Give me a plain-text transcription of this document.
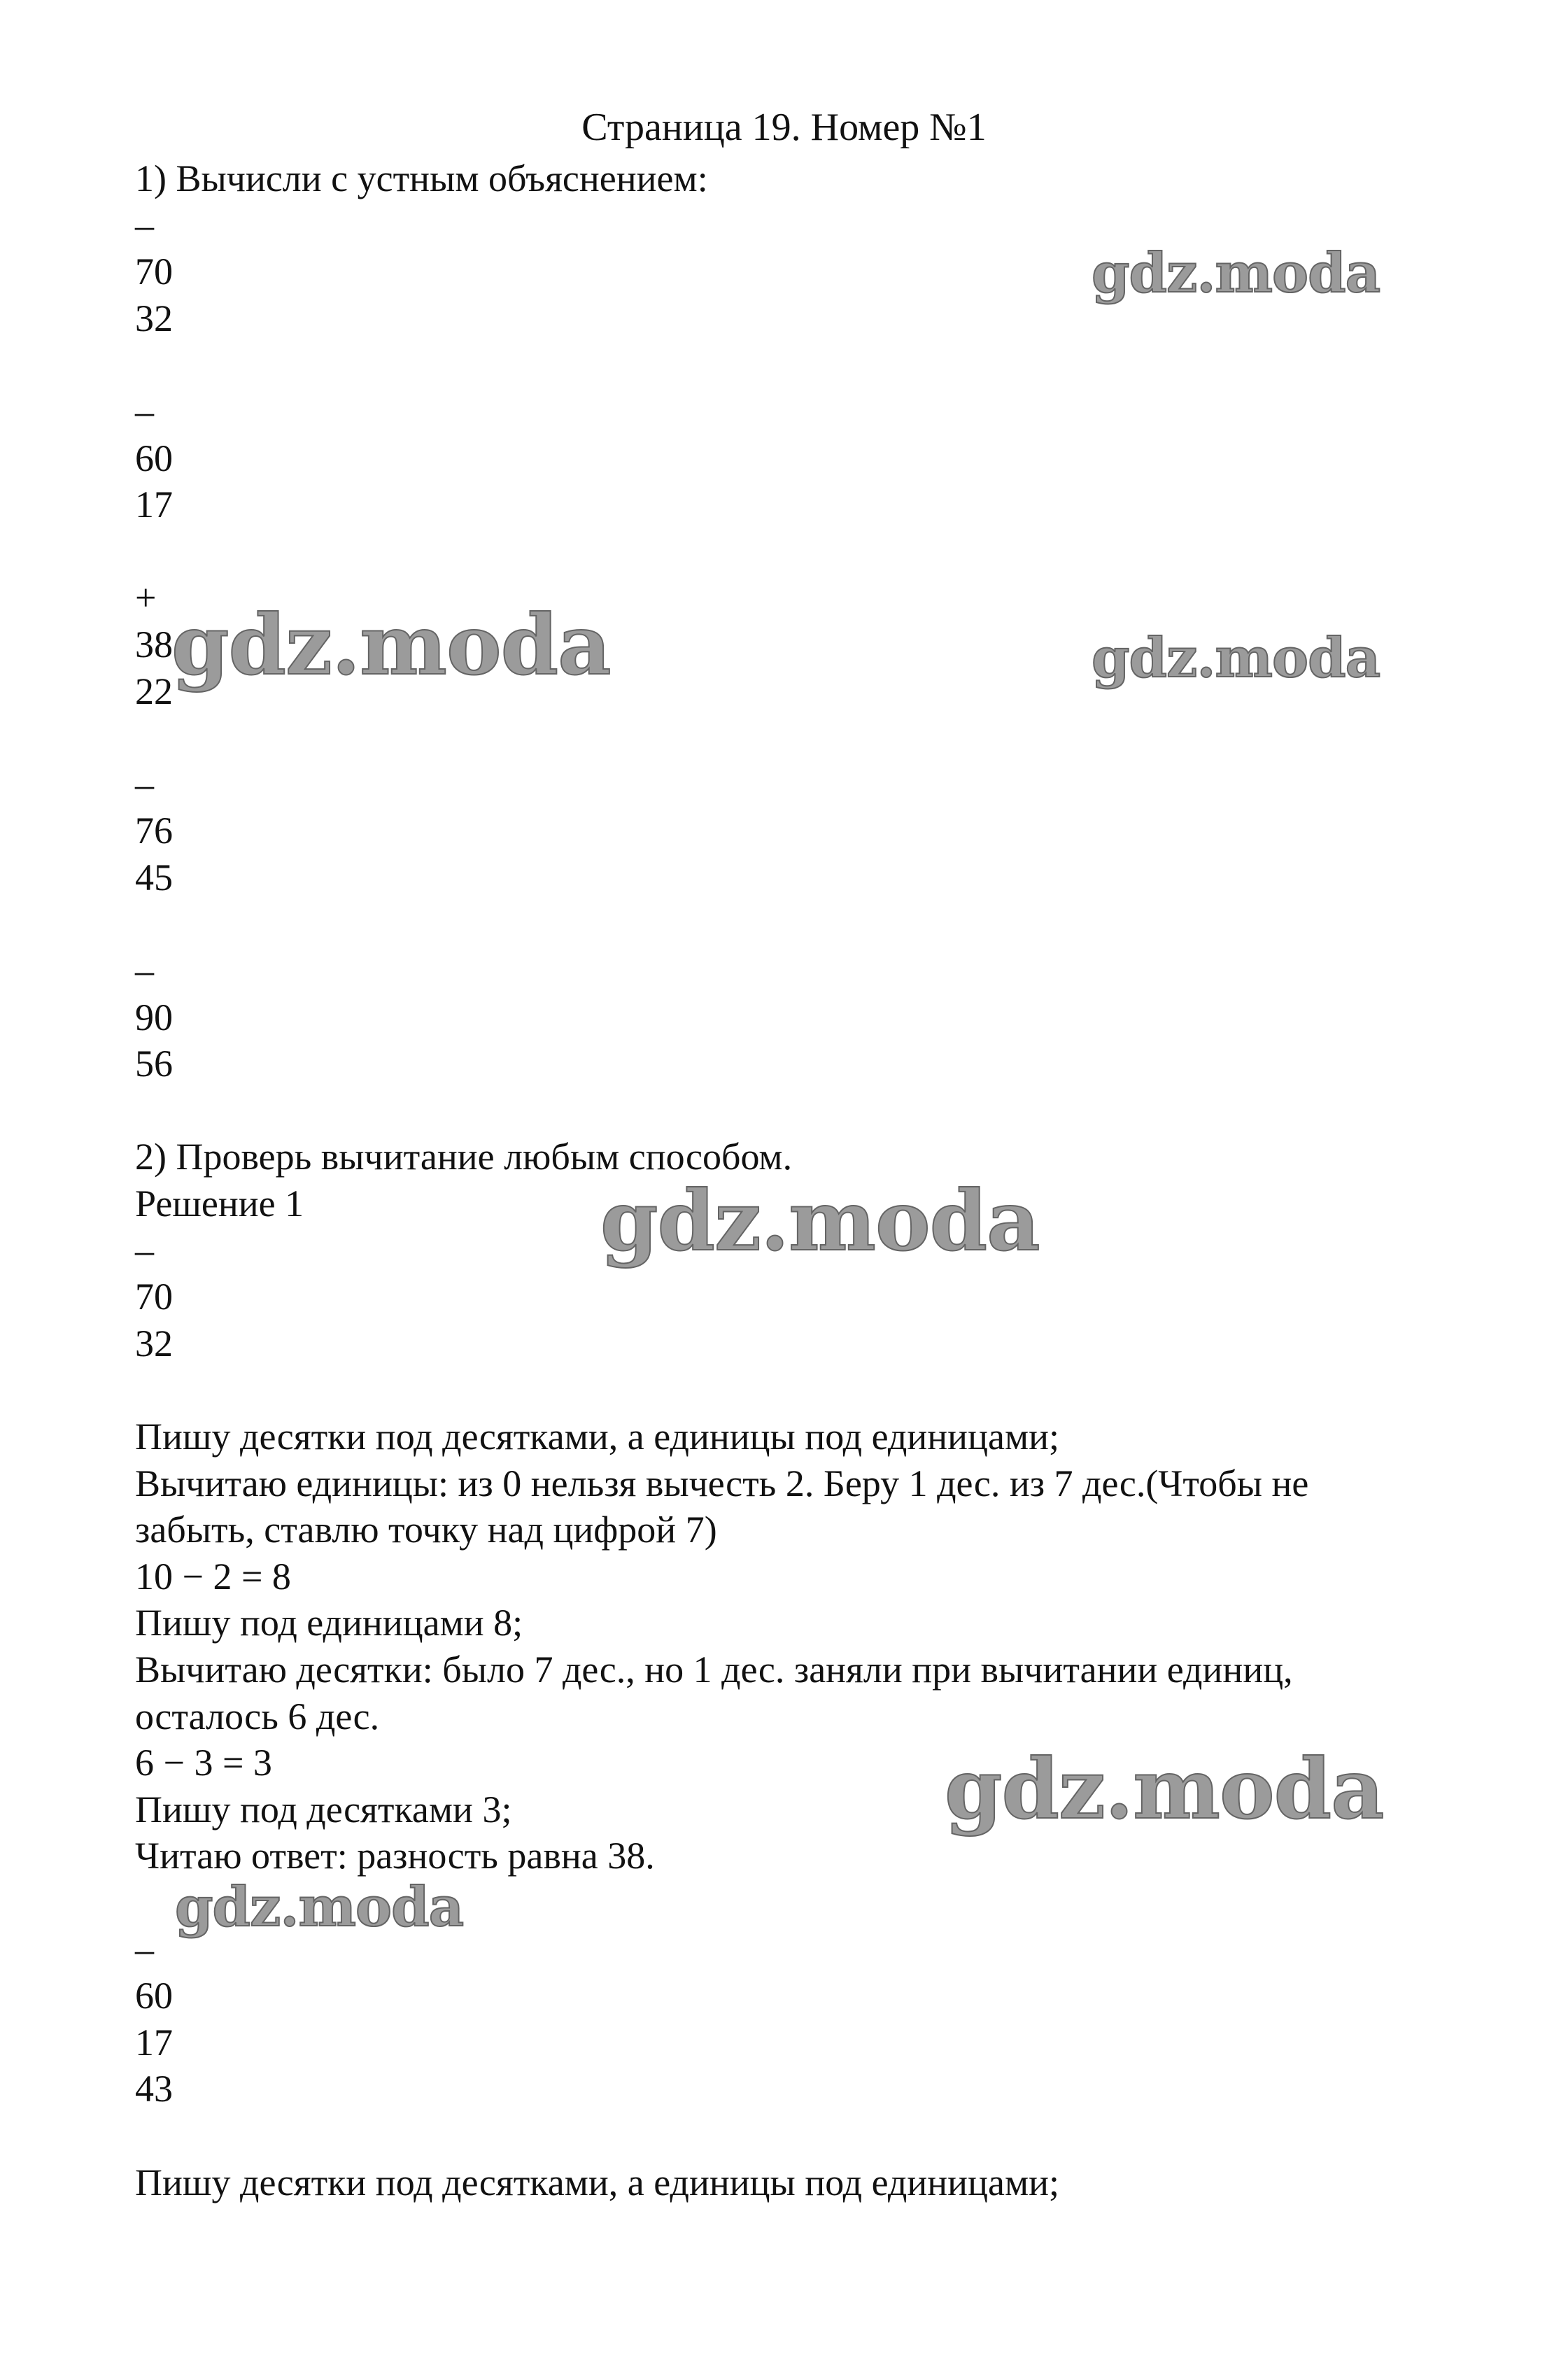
Страница 19. Номер №1
1) Вычисли с устным объяснением:
–
70
32
–
60
17
+
38
22
–
76
45
–
90
56
2) Проверь вычитание любым способом.
Решение 1
–
70
32
Пишу десятки под десятками, а единицы под единицами;
Вычитаю единицы: из 0 нельзя вычесть 2. Беру 1 дес. из 7 дес.(Чтобы не
забыть, ставлю точку над цифрой 7)
10 − 2 = 8
Пишу под единицами 8;
Вычитаю десятки: было 7 дес., но 1 дес. заняли при вычитании единиц,
осталось 6 дес.
6 − 3 = 3
Пишу под десятками 3;
Читаю ответ: разность равна 38.
–
60
17
43
Пишу десятки под десятками, а единицы под единицами;
gdz.moda
gdz.moda	gdz.moda
gdz.moda
gdz.moda
gdz.moda
